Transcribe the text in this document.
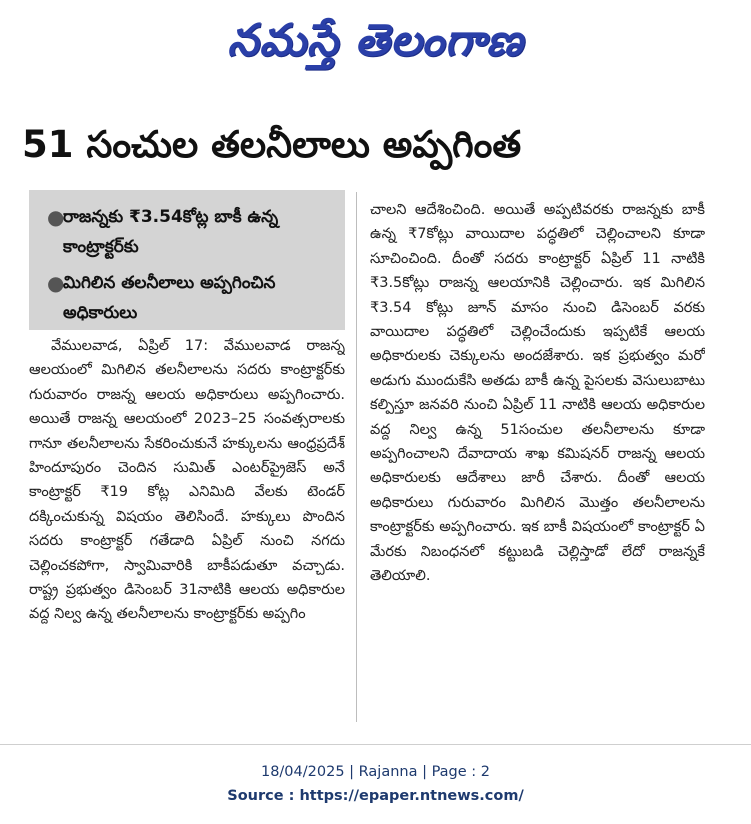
నమస్తే తెలంగాణ
51 సంచుల తలనీలాలు అప్పగింత
●
రాజన్నకు ₹3.54కోట్ల బాకీ ఉన్న కాంట్రాక్టర్‌కు
●
మిగిలిన తలనీలాలు అప్పగించిన అధికారులు

వేములవాడ, ఏప్రిల్ 17: వేములవాడ రాజన్న ఆలయంలో మిగిలిన తలనీలాలను సదరు కాంట్రాక్టర్‌కు గురువారం రాజన్న ఆలయ అధికారులు అప్పగించారు. అయితే రాజన్న ఆలయంలో 2023–25 సంవత్సరాలకు గానూ తలనీలాలను సేకరించుకునే హక్కులను ఆంధ్రప్రదేశ్ హిందూపురం చెందిన సుమిత్ ఎంటర్‌ప్రైజెస్ అనే కాంట్రాక్టర్ ₹19 కోట్ల ఎనిమిది వేలకు టెండర్ దక్కించుకున్న విషయం తెలిసిందే. హక్కులు పొందిన సదరు కాంట్రాక్టర్ గతేడాది ఏప్రిల్ నుంచి నగదు చెల్లించకపోగా, స్వామివారికి బాకీపడుతూ వచ్చాడు. రాష్ట్ర ప్రభుత్వం డిసెంబర్ 31నాటికి ఆలయ అధికారుల వద్ద నిల్వ ఉన్న తలనీలాలను కాంట్రాక్టర్‌కు అప్పగిం

చాలని ఆదేశించింది. అయితే అప్పటివరకు రాజన్నకు బాకీ ఉన్న ₹7కోట్లు వాయిదాల పద్ధతిలో చెల్లించాలని కూడా సూచించింది. దీంతో సదరు కాంట్రాక్టర్ ఏప్రిల్ 11 నాటికి ₹3.5కోట్లు రాజన్న ఆలయానికి చెల్లించారు. ఇక మిగిలిన ₹3.54 కోట్లు జూన్ మాసం నుంచి డిసెంబర్ వరకు వాయిదాల పద్ధతిలో చెల్లించేందుకు ఇప్పటికే ఆలయ అధికారులకు చెక్కులను అందజేశారు. ఇక ప్రభుత్వం మరో అడుగు ముందుకేసి అతడు బాకీ ఉన్న పైసలకు వెసులుబాటు కల్పిస్తూ జనవరి నుంచి ఏప్రిల్ 11 నాటికి ఆలయ అధికారుల వద్ద నిల్వ ఉన్న 51సంచుల తలనీలాలను కూడా అప్పగించాలని దేవాదాయ శాఖ కమిషనర్ రాజన్న ఆలయ అధికారులకు ఆదేశాలు జారీ చేశారు. దీంతో ఆలయ అధికారులు గురువారం మిగిలిన మొత్తం తలనీలాలను కాంట్రాక్టర్‌కు అప్పగించారు. ఇక బాకీ విషయంలో కాంట్రాక్టర్ ఏ మేరకు నిబంధనలో కట్టుబడి చెల్లిస్తాడో లేదో రాజన్నకే తెలియాలి.

18/04/2025 | Rajanna | Page : 2
Source : https://epaper.ntnews.com/
